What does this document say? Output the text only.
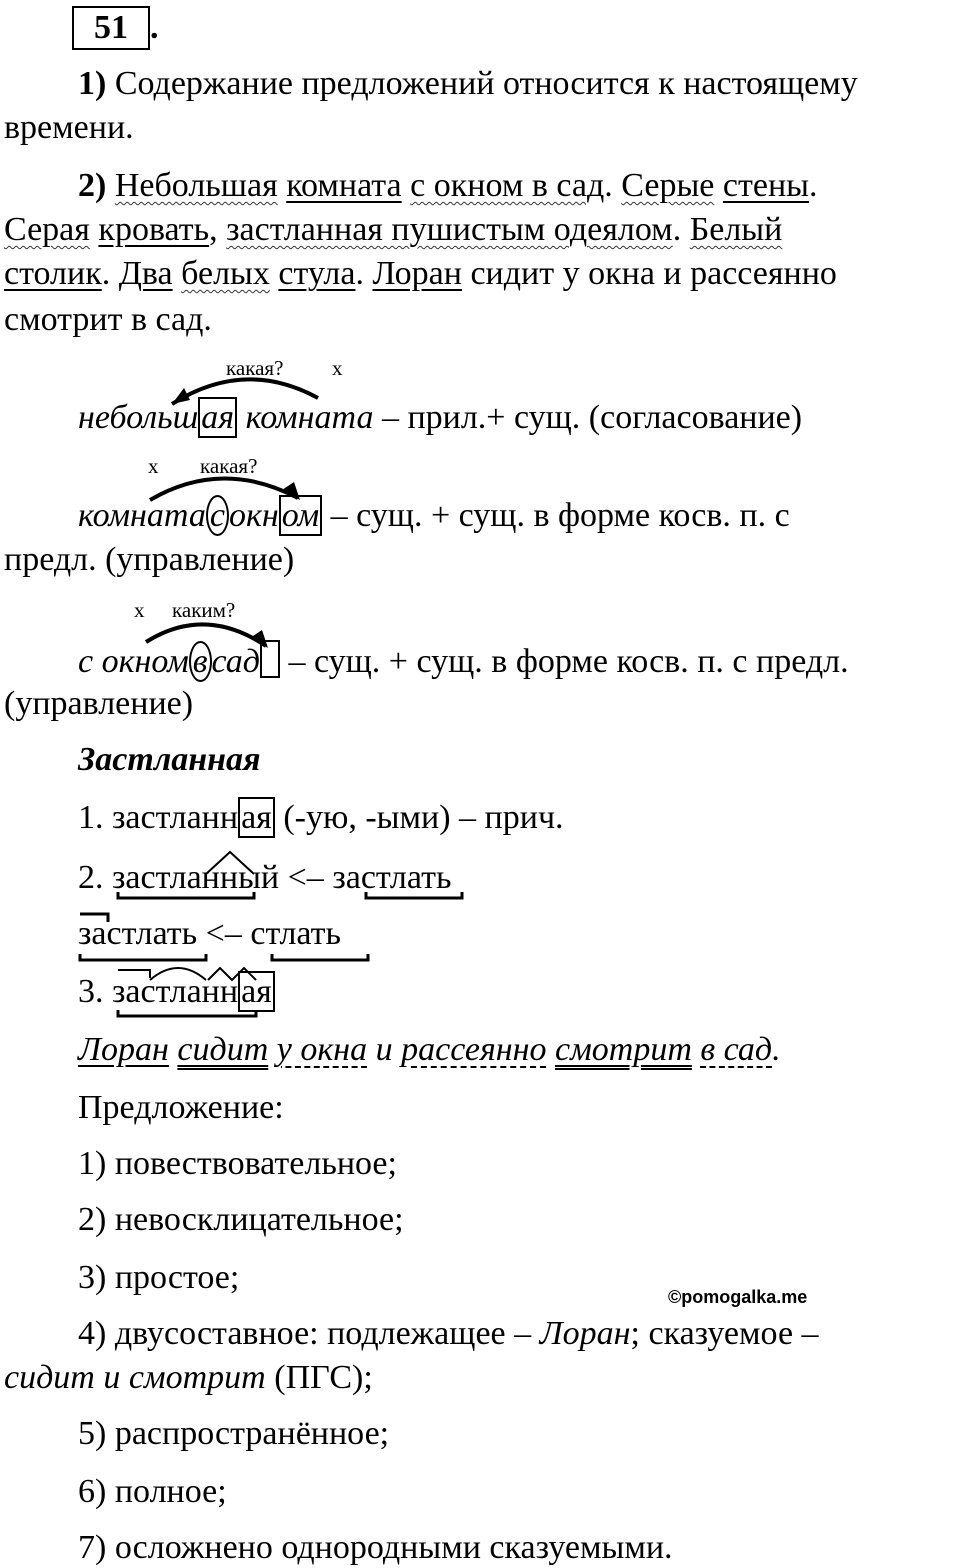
51 .
1) Содержание предложений относится к настоящему
времени.
2) Небольшая комната с окном в сад. Серые стены.
Серая кровать, застланная пушистым одеялом. Белый
столик. Два белых стула. Лоран сидит у окна и рассеянно
смотрит в сад.
какая? х
небольшая комната – прил.+ сущ. (согласование)
х какая?
комната с окном – сущ. + сущ. в форме косв. п. с
предл. (управление)
х каким?
с окном в сад – сущ. + сущ. в форме косв. п. с предл.
(управление)
Застланная
1. застланная (-ую, -ыми) – прич.
2. застланный <– застлать
застлать <– стлать
3. застланная
Лоран сидит у окна и рассеянно смотрит в сад.
Предложение:
1) повествовательное;
2) невосклицательное;
3) простое;
©pomogalka.me
4) двусоставное: подлежащее – Лоран; сказуемое –
сидит и смотрит (ПГС);
5) распространённое;
6) полное;
7) осложнено однородными сказуемыми.
